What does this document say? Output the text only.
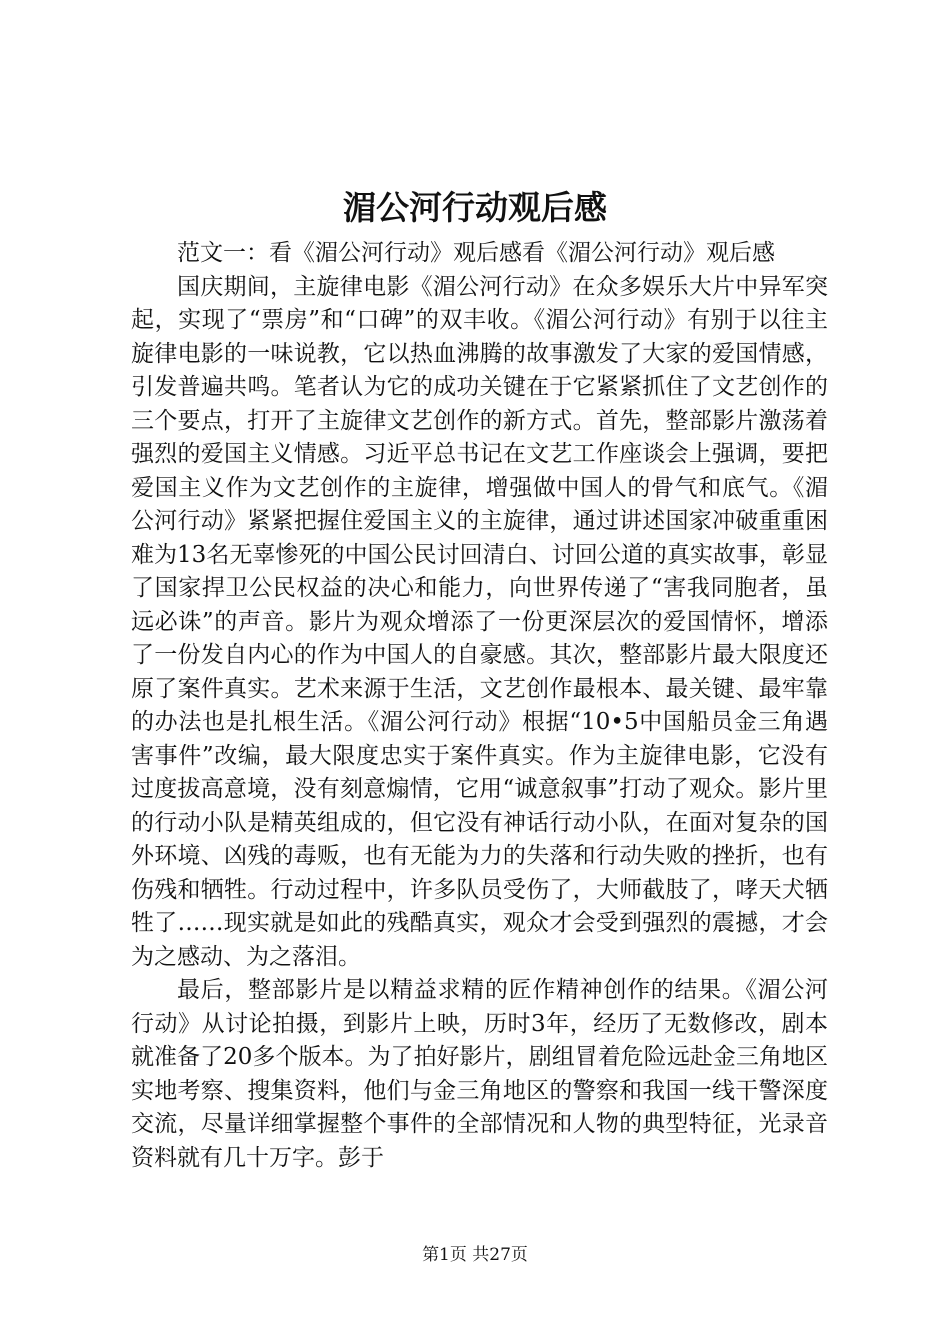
湄公河行动观后感

范文一：看《湄公河行动》观后感看《湄公河行动》观后感

国庆期间，主旋律电影《湄公河行动》在众多娱乐大片中异军突起，实现了“票房”和“口碑”的双丰收。《湄公河行动》有别于以往主旋律电影的一味说教，它以热血沸腾的故事激发了大家的爱国情感，引发普遍共鸣。笔者认为它的成功关键在于它紧紧抓住了文艺创作的三个要点，打开了主旋律文艺创作的新方式。首先，整部影片激荡着强烈的爱国主义情感。习近平总书记在文艺工作座谈会上强调，要把爱国主义作为文艺创作的主旋律，增强做中国人的骨气和底气。《湄公河行动》紧紧把握住爱国主义的主旋律，通过讲述国家冲破重重困难为13名无辜惨死的中国公民讨回清白、讨回公道的真实故事，彰显了国家捍卫公民权益的决心和能力，向世界传递了“害我同胞者，虽远必诛”的声音。影片为观众增添了一份更深层次的爱国情怀，增添了一份发自内心的作为中国人的自豪感。其次，整部影片最大限度还原了案件真实。艺术来源于生活，文艺创作最根本、最关键、最牢靠的办法也是扎根生活。《湄公河行动》根据“10•5中国船员金三角遇害事件”改编，最大限度忠实于案件真实。作为主旋律电影，它没有过度拔高意境，没有刻意煽情，它用“诚意叙事”打动了观众。影片里的行动小队是精英组成的，但它没有神话行动小队，在面对复杂的国外环境、凶残的毒贩，也有无能为力的失落和行动失败的挫折，也有伤残和牺牲。行动过程中，许多队员受伤了，大师截肢了，哮天犬牺牲了……现实就是如此的残酷真实，观众才会受到强烈的震撼，才会为之感动、为之落泪。

最后，整部影片是以精益求精的匠作精神创作的结果。《湄公河行动》从讨论拍摄，到影片上映，历时3年，经历了无数修改，剧本就准备了20多个版本。为了拍好影片，剧组冒着危险远赴金三角地区实地考察、搜集资料，他们与金三角地区的警察和我国一线干警深度交流，尽量详细掌握整个事件的全部情况和人物的典型特征，光录音资料就有几十万字。彭于

第1页 共27页
